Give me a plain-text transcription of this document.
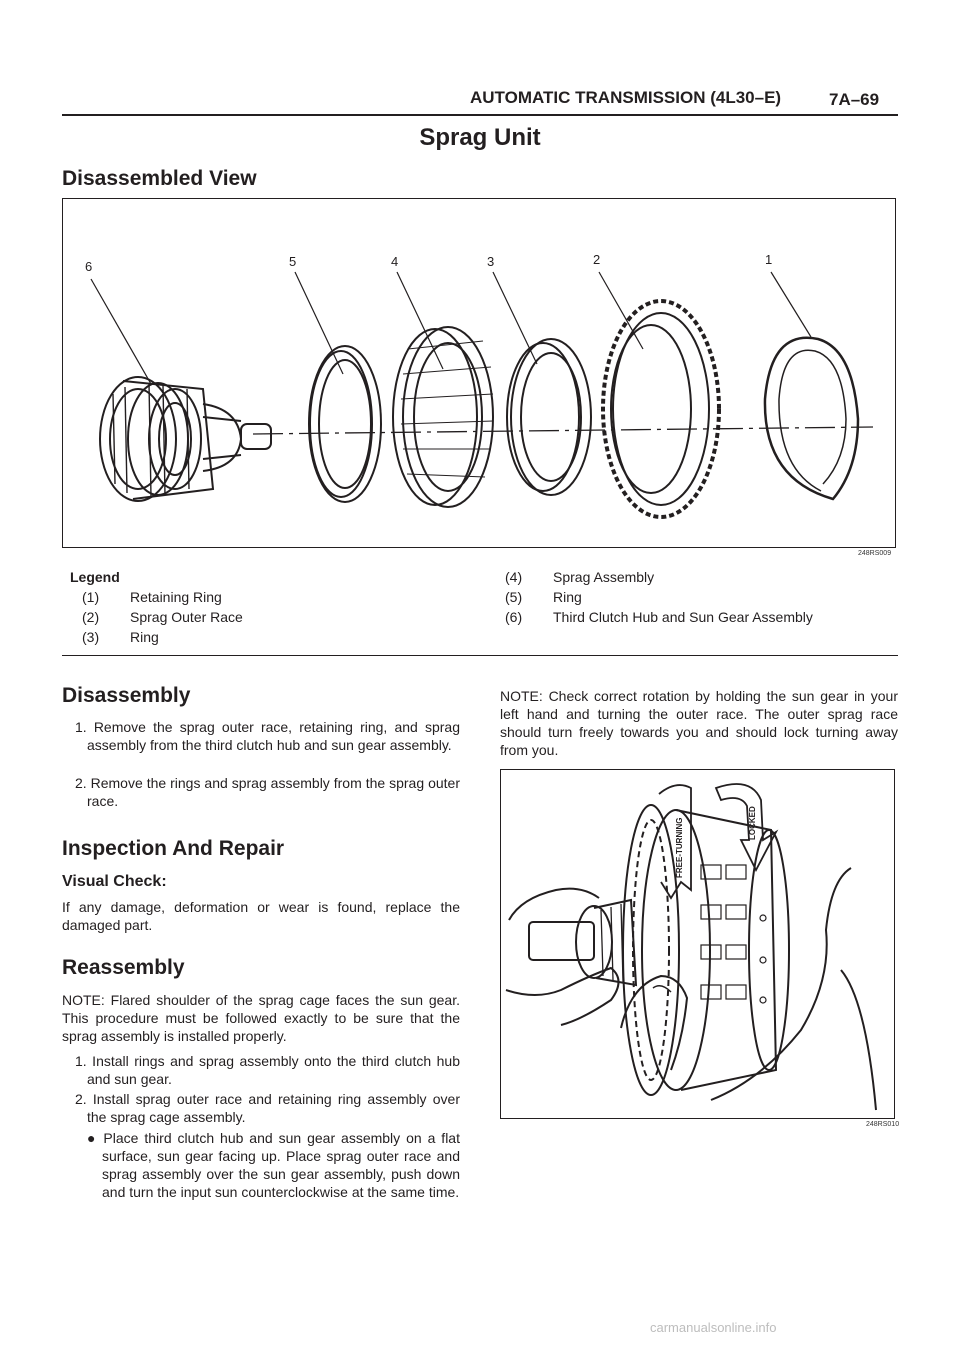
AUTOMATIC TRANSMISSION (4L30–E)	7A–69
Sprag Unit
Disassembled View
6	5	4	3	2	1
248RS009
Legend
(1) Retaining Ring
(2) Sprag Outer Race
(3) Ring
(4) Sprag Assembly
(5) Ring
(6) Third Clutch Hub and Sun Gear Assembly
Disassembly
1. Remove the sprag outer race, retaining ring, and sprag assembly from the third clutch hub and sun gear assembly.
2. Remove the rings and sprag assembly from the sprag outer race.
Inspection And Repair
Visual Check:
If any damage, deformation or wear is found, replace the damaged part.
Reassembly
NOTE: Flared shoulder of the sprag cage faces the sun gear. This procedure must be followed exactly to be sure that the sprag assembly is installed properly.
1. Install rings and sprag assembly onto the third clutch hub and sun gear.
2. Install sprag outer race and retaining ring assembly over the sprag cage assembly.
● Place third clutch hub and sun gear assembly on a flat surface, sun gear facing up. Place sprag outer race and sprag assembly over the sun gear assembly, push down and turn the input sun counterclockwise at the same time.
NOTE: Check correct rotation by holding the sun gear in your left hand and turning the outer race. The outer sprag race should turn freely towards you and should lock turning away from you.
FREE-TURNING	LOCKED
248RS010
carmanualsonline.info
